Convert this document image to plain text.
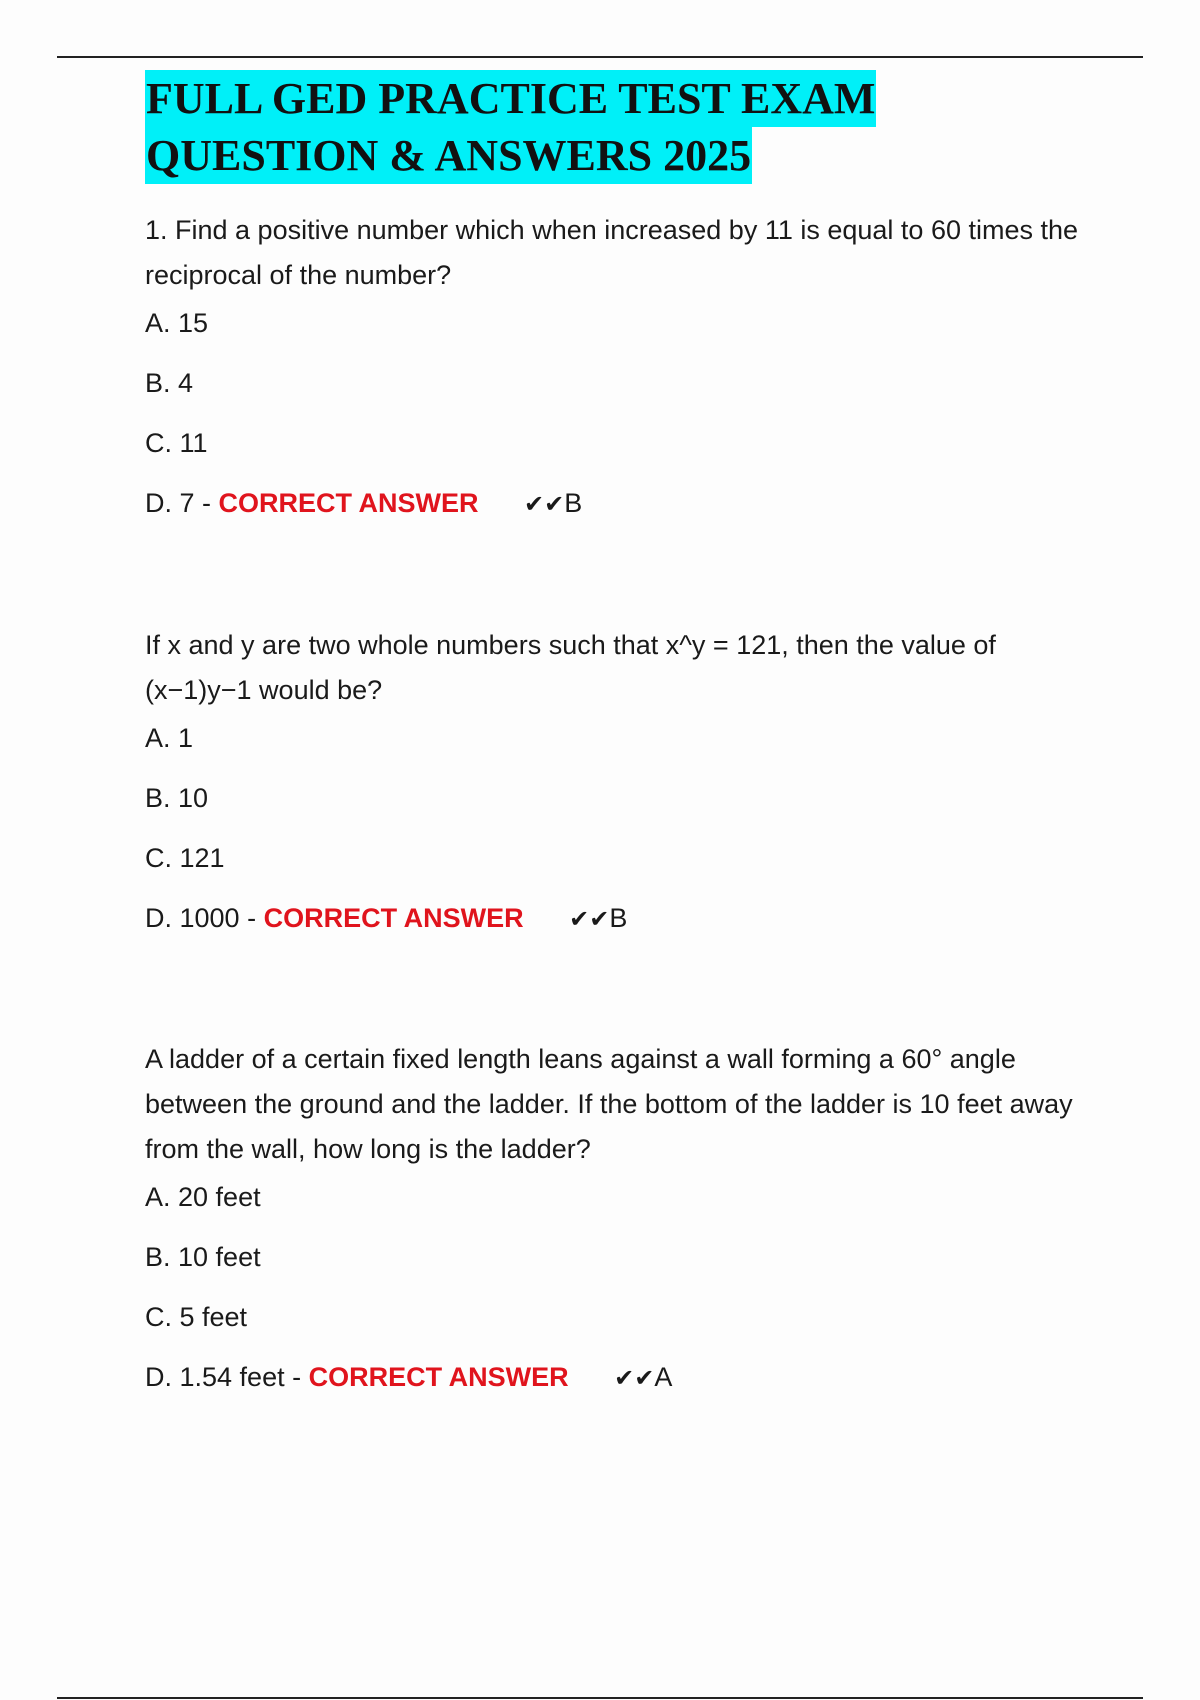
FULL GED PRACTICE TEST EXAM
QUESTION & ANSWERS 2025

1. Find a positive number which when increased by 11 is equal to 60 times the reciprocal of the number?

A. 15
B. 4
C. 11
D. 7 - CORRECT ANSWER ✔✔B

If x and y are two whole numbers such that x^y = 121, then the value of (x−1)y−1 would be?

A. 1
B. 10
C. 121
D. 1000 - CORRECT ANSWER ✔✔B

A ladder of a certain fixed length leans against a wall forming a 60° angle between the ground and the ladder. If the bottom of the ladder is 10 feet away from the wall, how long is the ladder?

A. 20 feet
B. 10 feet
C. 5 feet
D. 1.54 feet - CORRECT ANSWER ✔✔A
